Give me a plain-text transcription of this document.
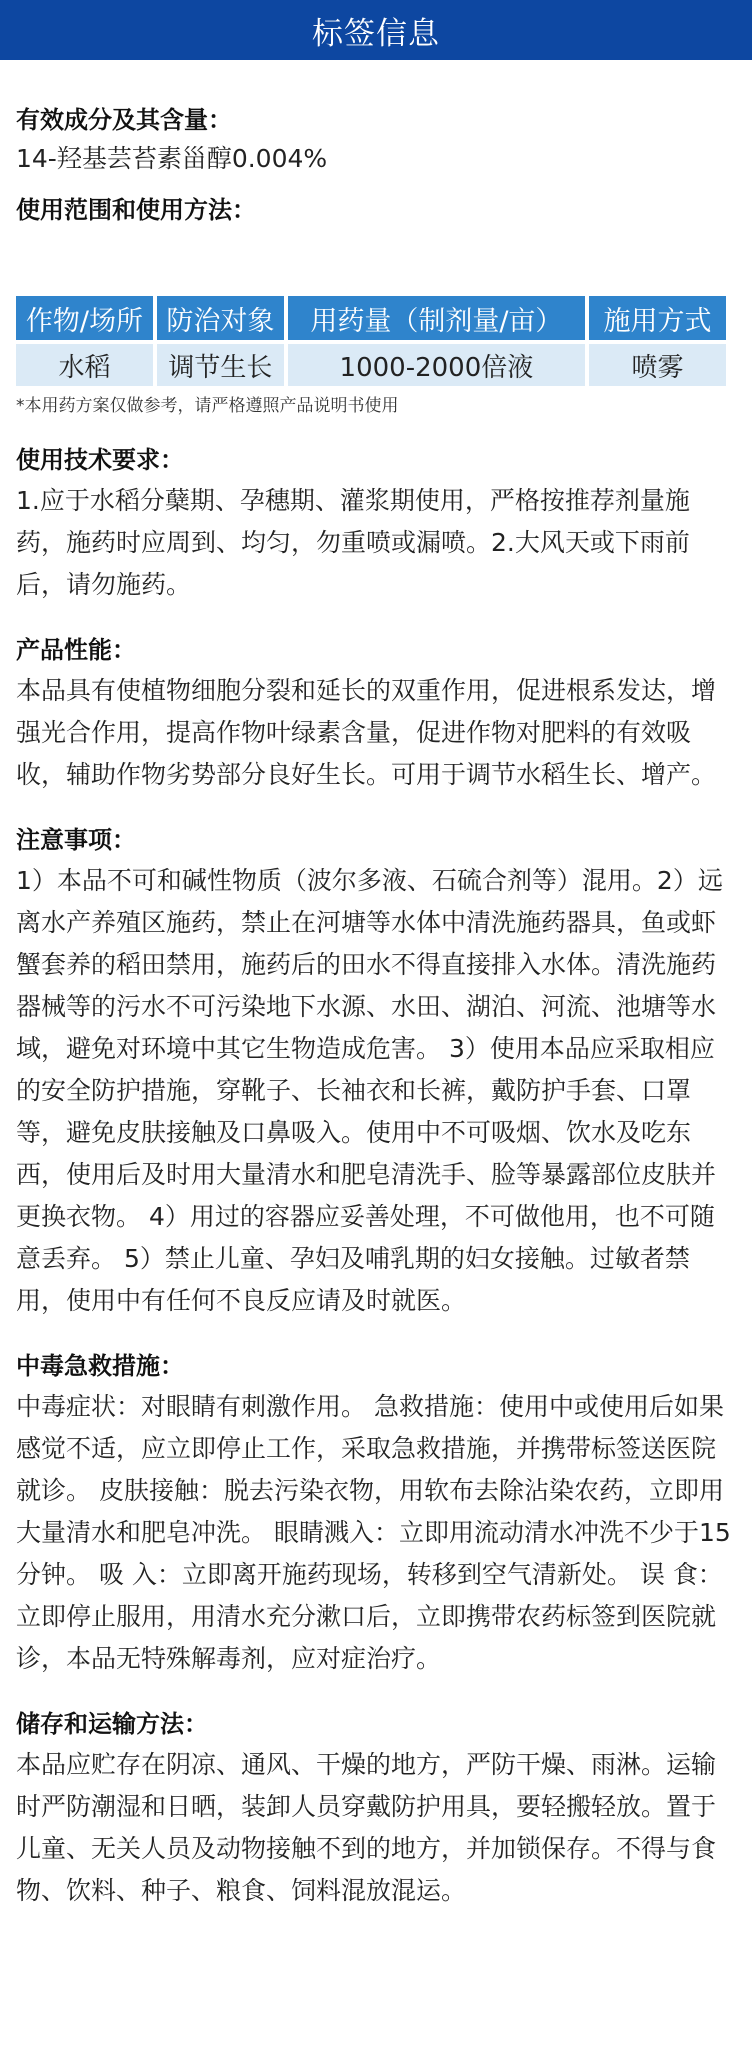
标签信息

有效成分及其含量：

14-羟基芸苔素甾醇0.004%

使用范围和使用方法：

作物/场所	防治对象	用药量（制剂量/亩）	施用方式
水稻	调节生长	1000-2000倍液	喷雾

*本用药方案仅做参考，请严格遵照产品说明书使用

使用技术要求：

1.应于水稻分蘖期、孕穗期、灌浆期使用，严格按推荐剂量施药，施药时应周到、均匀，勿重喷或漏喷。2.大风天或下雨前后，请勿施药。

产品性能：

本品具有使植物细胞分裂和延长的双重作用，促进根系发达，增强光合作用，提高作物叶绿素含量，促进作物对肥料的有效吸收，辅助作物劣势部分良好生长。可用于调节水稻生长、增产。

注意事项：

1）本品不可和碱性物质（波尔多液、石硫合剂等）混用。2）远离水产养殖区施药，禁止在河塘等水体中清洗施药器具，鱼或虾蟹套养的稻田禁用，施药后的田水不得直接排入水体。清洗施药器械等的污水不可污染地下水源、水田、湖泊、河流、池塘等水域，避免对环境中其它生物造成危害。 3）使用本品应采取相应的安全防护措施，穿靴子、长袖衣和长裤，戴防护手套、口罩等，避免皮肤接触及口鼻吸入。使用中不可吸烟、饮水及吃东西，使用后及时用大量清水和肥皂清洗手、脸等暴露部位皮肤并更换衣物。 4）用过的容器应妥善处理，不可做他用，也不可随意丢弃。 5）禁止儿童、孕妇及哺乳期的妇女接触。过敏者禁用，使用中有任何不良反应请及时就医。

中毒急救措施：

中毒症状：对眼睛有刺激作用。 急救措施：使用中或使用后如果感觉不适，应立即停止工作，采取急救措施，并携带标签送医院就诊。 皮肤接触：脱去污染衣物，用软布去除沾染农药，立即用大量清水和肥皂冲洗。 眼睛溅入：立即用流动清水冲洗不少于15分钟。 吸 入：立即离开施药现场，转移到空气清新处。 误 食：立即停止服用，用清水充分漱口后，立即携带农药标签到医院就诊，本品无特殊解毒剂，应对症治疗。

储存和运输方法：

本品应贮存在阴凉、通风、干燥的地方，严防干燥、雨淋。运输时严防潮湿和日晒，装卸人员穿戴防护用具，要轻搬轻放。置于儿童、无关人员及动物接触不到的地方，并加锁保存。不得与食物、饮料、种子、粮食、饲料混放混运。
